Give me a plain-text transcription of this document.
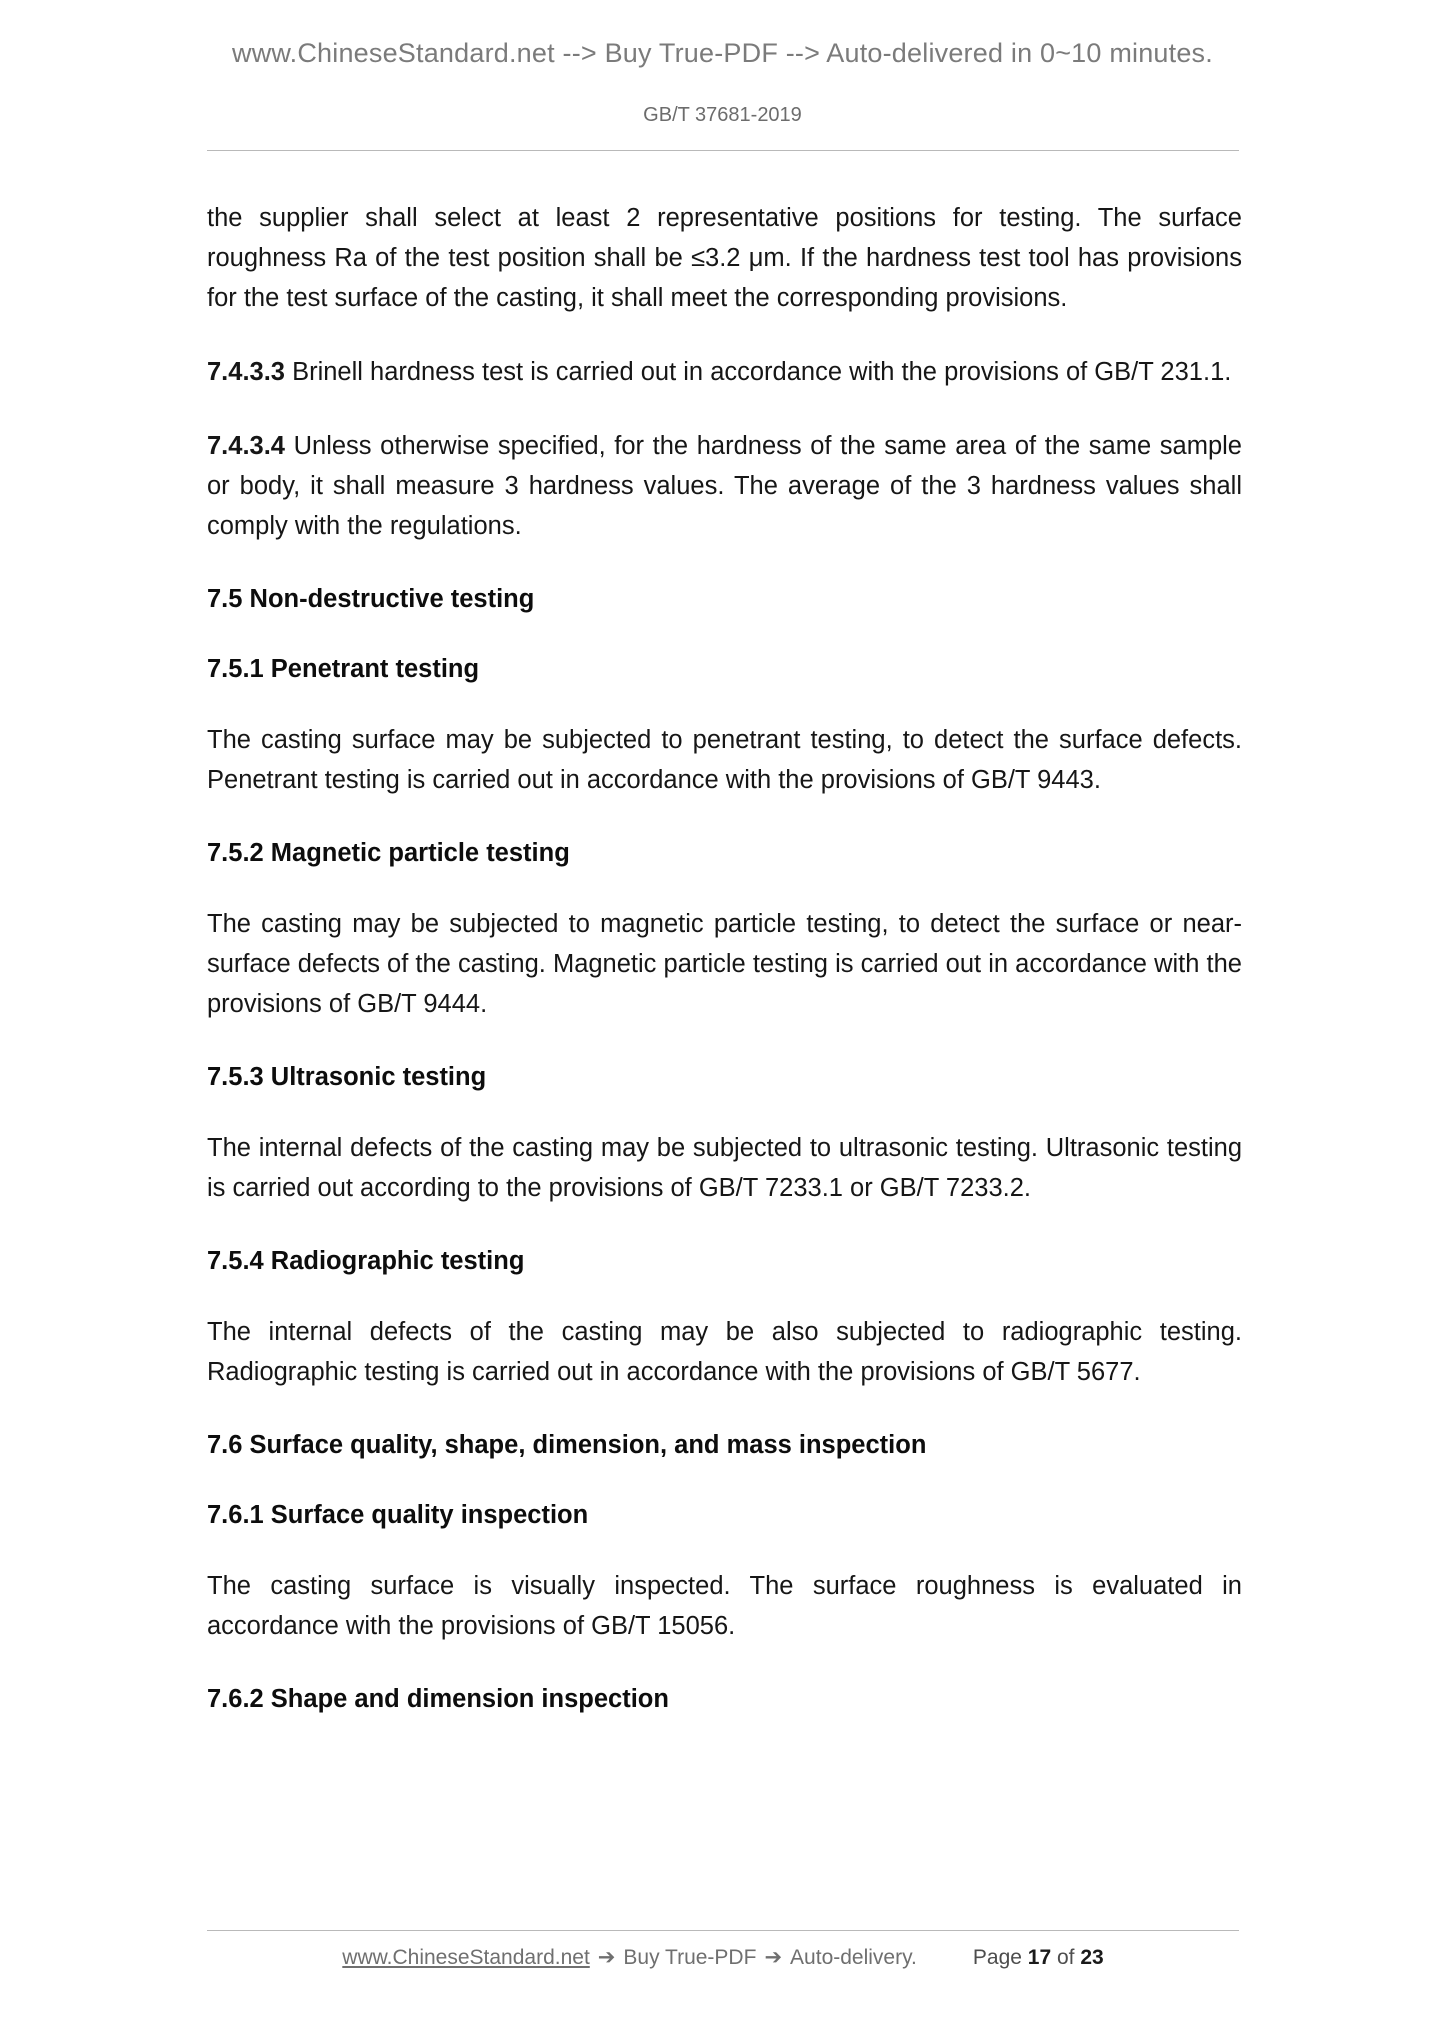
www.ChineseStandard.net --> Buy True-PDF --> Auto-delivered in 0~10 minutes.
GB/T 37681-2019

the supplier shall select at least 2 representative positions for testing. The surface roughness Ra of the test position shall be ≤3.2 μm. If the hardness test tool has provisions for the test surface of the casting, it shall meet the corresponding provisions.

7.4.3.3 Brinell hardness test is carried out in accordance with the provisions of GB/T 231.1.

7.4.3.4 Unless otherwise specified, for the hardness of the same area of the same sample or body, it shall measure 3 hardness values. The average of the 3 hardness values shall comply with the regulations.

7.5 Non-destructive testing
7.5.1 Penetrant testing

The casting surface may be subjected to penetrant testing, to detect the surface defects. Penetrant testing is carried out in accordance with the provisions of GB/T 9443.

7.5.2 Magnetic particle testing

The casting may be subjected to magnetic particle testing, to detect the surface or near-surface defects of the casting. Magnetic particle testing is carried out in accordance with the provisions of GB/T 9444.

7.5.3 Ultrasonic testing

The internal defects of the casting may be subjected to ultrasonic testing. Ultrasonic testing is carried out according to the provisions of GB/T 7233.1 or GB/T 7233.2.

7.5.4 Radiographic testing

The internal defects of the casting may be also subjected to radiographic testing. Radiographic testing is carried out in accordance with the provisions of GB/T 5677.

7.6 Surface quality, shape, dimension, and mass inspection
7.6.1 Surface quality inspection

The casting surface is visually inspected. The surface roughness is evaluated in accordance with the provisions of GB/T 15056.

7.6.2 Shape and dimension inspection
www.ChineseStandard.net ➔ Buy True-PDF ➔ Auto-delivery.	Page 17 of 23
